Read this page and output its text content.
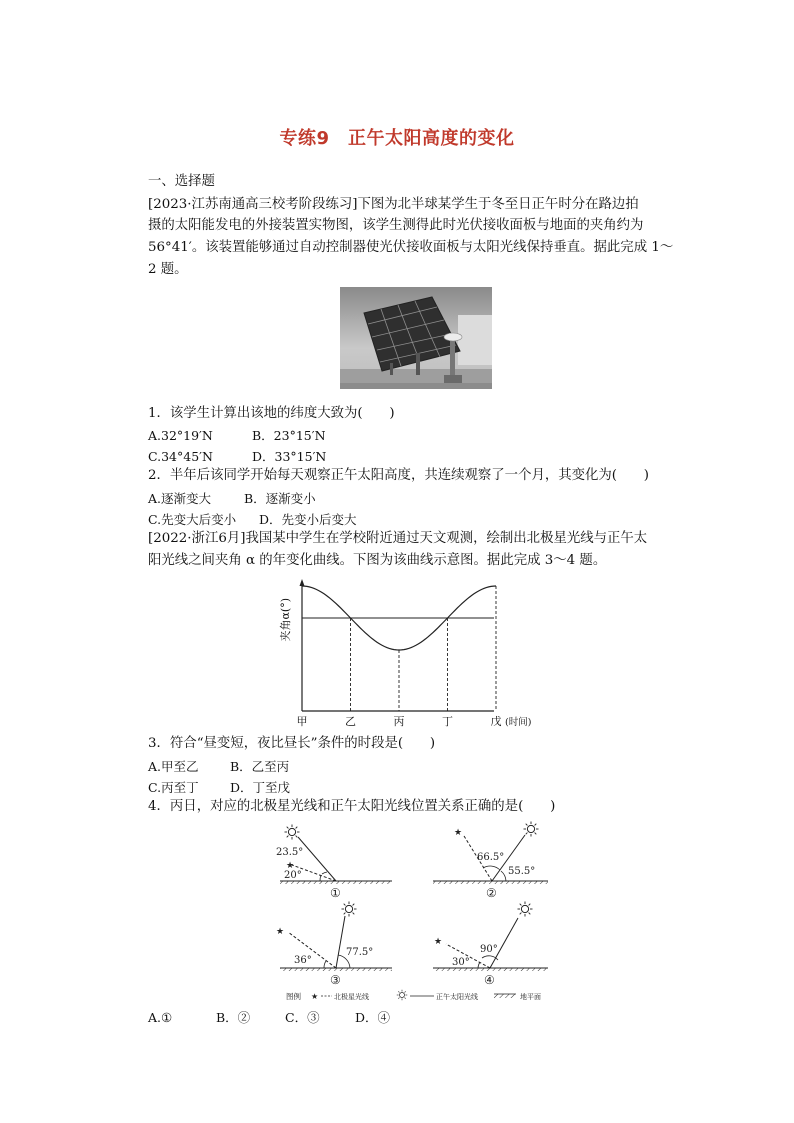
专练9　正午太阳高度的变化
一、选择题
[2023·江苏南通高三校考阶段练习]下图为北半球某学生于冬至日正午时分在路边拍
摄的太阳能发电的外接装置实物图，该学生测得此时光伏接收面板与地面的夹角约为
56°41′。该装置能够通过自动控制器使光伏接收面板与太阳光线保持垂直。据此完成 1～
2 题。
1．该学生计算出该地的纬度大致为(　　)
A.32°19′N	B．23°15′N
C.34°45′N	D．33°15′N
2．半年后该同学开始每天观察正午太阳高度，共连续观察了一个月，其变化为(　　)
A.逐渐变大	B．逐渐变小
C.先变大后变小 D．先变小后变大
[2022·浙江6月]我国某中学生在学校附近通过天文观测，绘制出北极星光线与正午太
阳光线之间夹角 α 的年变化曲线。下图为该曲线示意图。据此完成 3～4 题。
夹角α(°)
甲	乙	丙	丁	戊 (时间)
3．符合“昼变短，夜比昼长”条件的时段是(　　)
A.甲至乙	B．乙至丙
C.丙至丁	D．丁至戊
4．丙日，对应的北极星光线和正午太阳光线位置关系正确的是(　　)
★
23.5°
20°
①
★
66.5°
55.5°
②
★
36°
77.5°
③
★
30°
90°
④
图例 ★ 北极星光线	正午太阳光线	地平面
A.①	B．②	C．③	D．④
